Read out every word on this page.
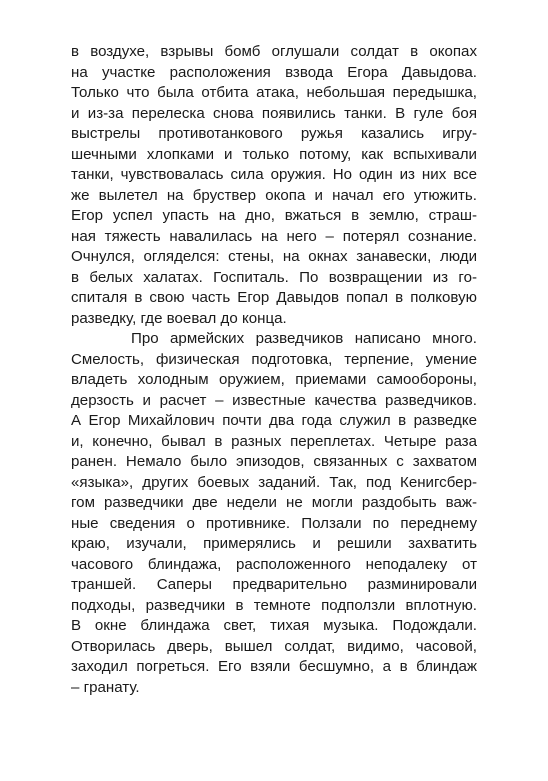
в воздухе, взрывы бомб оглушали солдат в окопах
на участке расположения взвода Егора Давыдова.
Только что была отбита атака, небольшая передышка,
и из-за перелеска снова появились танки. В гуле боя
выстрелы противотанкового ружья казались игру-
шечными хлопками и только потому, как вспыхивали
танки, чувствовалась сила оружия. Но один из них все
же вылетел на бруствер окопа и начал его утюжить.
Егор успел упасть на дно, вжаться в землю, страш-
ная тяжесть навалилась на него – потерял сознание.
Очнулся, огляделся: стены, на окнах занавески, люди
в белых халатах. Госпиталь. По возвращении из го-
спиталя в свою часть Егор Давыдов попал в полковую
разведку, где воевал до конца.
Про армейских разведчиков написано много.
Смелость, физическая подготовка, терпение, умение
владеть холодным оружием, приемами самообороны,
дерзость и расчет – известные качества разведчиков.
А Егор Михайлович почти два года служил в разведке
и, конечно, бывал в разных переплетах. Четыре раза
ранен. Немало было эпизодов, связанных с захватом
«языка», других боевых заданий. Так, под Кенигсбер-
гом разведчики две недели не могли раздобыть важ-
ные сведения о противнике. Ползали по переднему
краю, изучали, примерялись и решили захватить
часового блиндажа, расположенного неподалеку от
траншей. Саперы предварительно разминировали
подходы, разведчики в темноте подползли вплотную.
В окне блиндажа свет, тихая музыка. Подождали.
Отворилась дверь, вышел солдат, видимо, часовой,
заходил погреться. Его взяли бесшумно, а в блиндаж
– гранату.
